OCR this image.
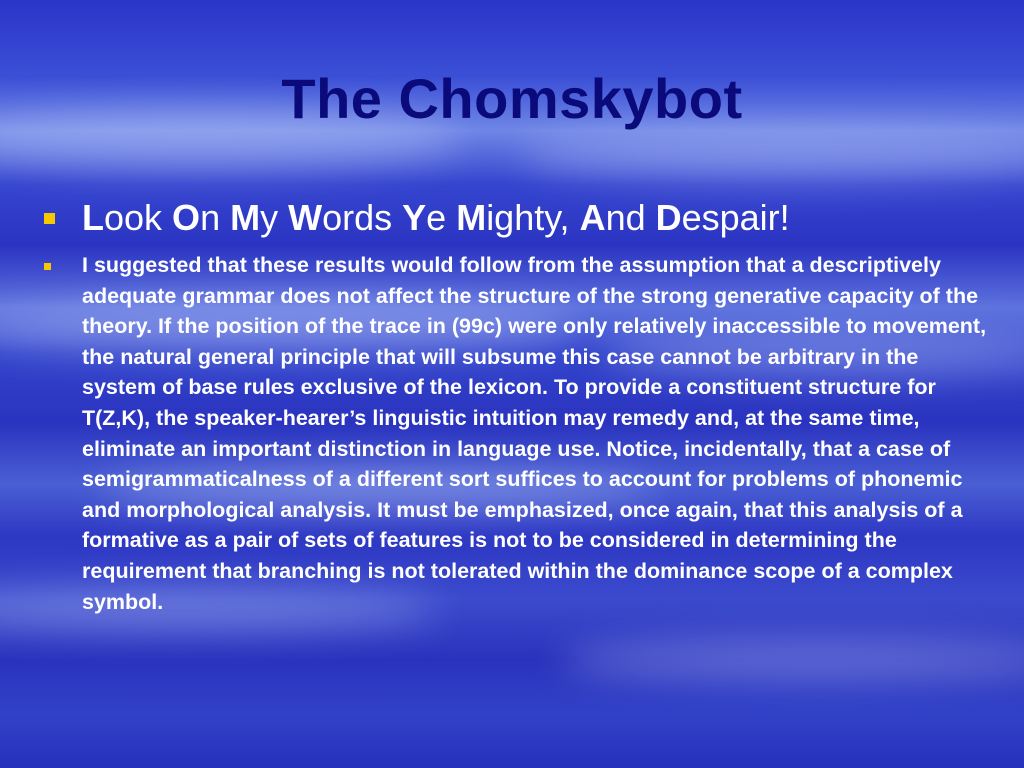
The Chomskybot
Look On My Words Ye Mighty, And Despair!
I suggested that these results would follow from the assumption that a descriptively adequate grammar does not affect the structure of the strong generative capacity of the theory. If the position of the trace in (99c) were only relatively inaccessible to movement, the natural general principle that will subsume this case cannot be arbitrary in the system of base rules exclusive of the lexicon. To provide a constituent structure for T(Z,K), the speaker-hearer’s linguistic intuition may remedy and, at the same time, eliminate an important distinction in language use. Notice, incidentally, that a case of semigrammaticalness of a different sort suffices to account for problems of phonemic and morphological analysis. It must be emphasized, once again, that this analysis of a formative as a pair of sets of features is not to be considered in determining the requirement that branching is not tolerated within the dominance scope of a complex symbol.
